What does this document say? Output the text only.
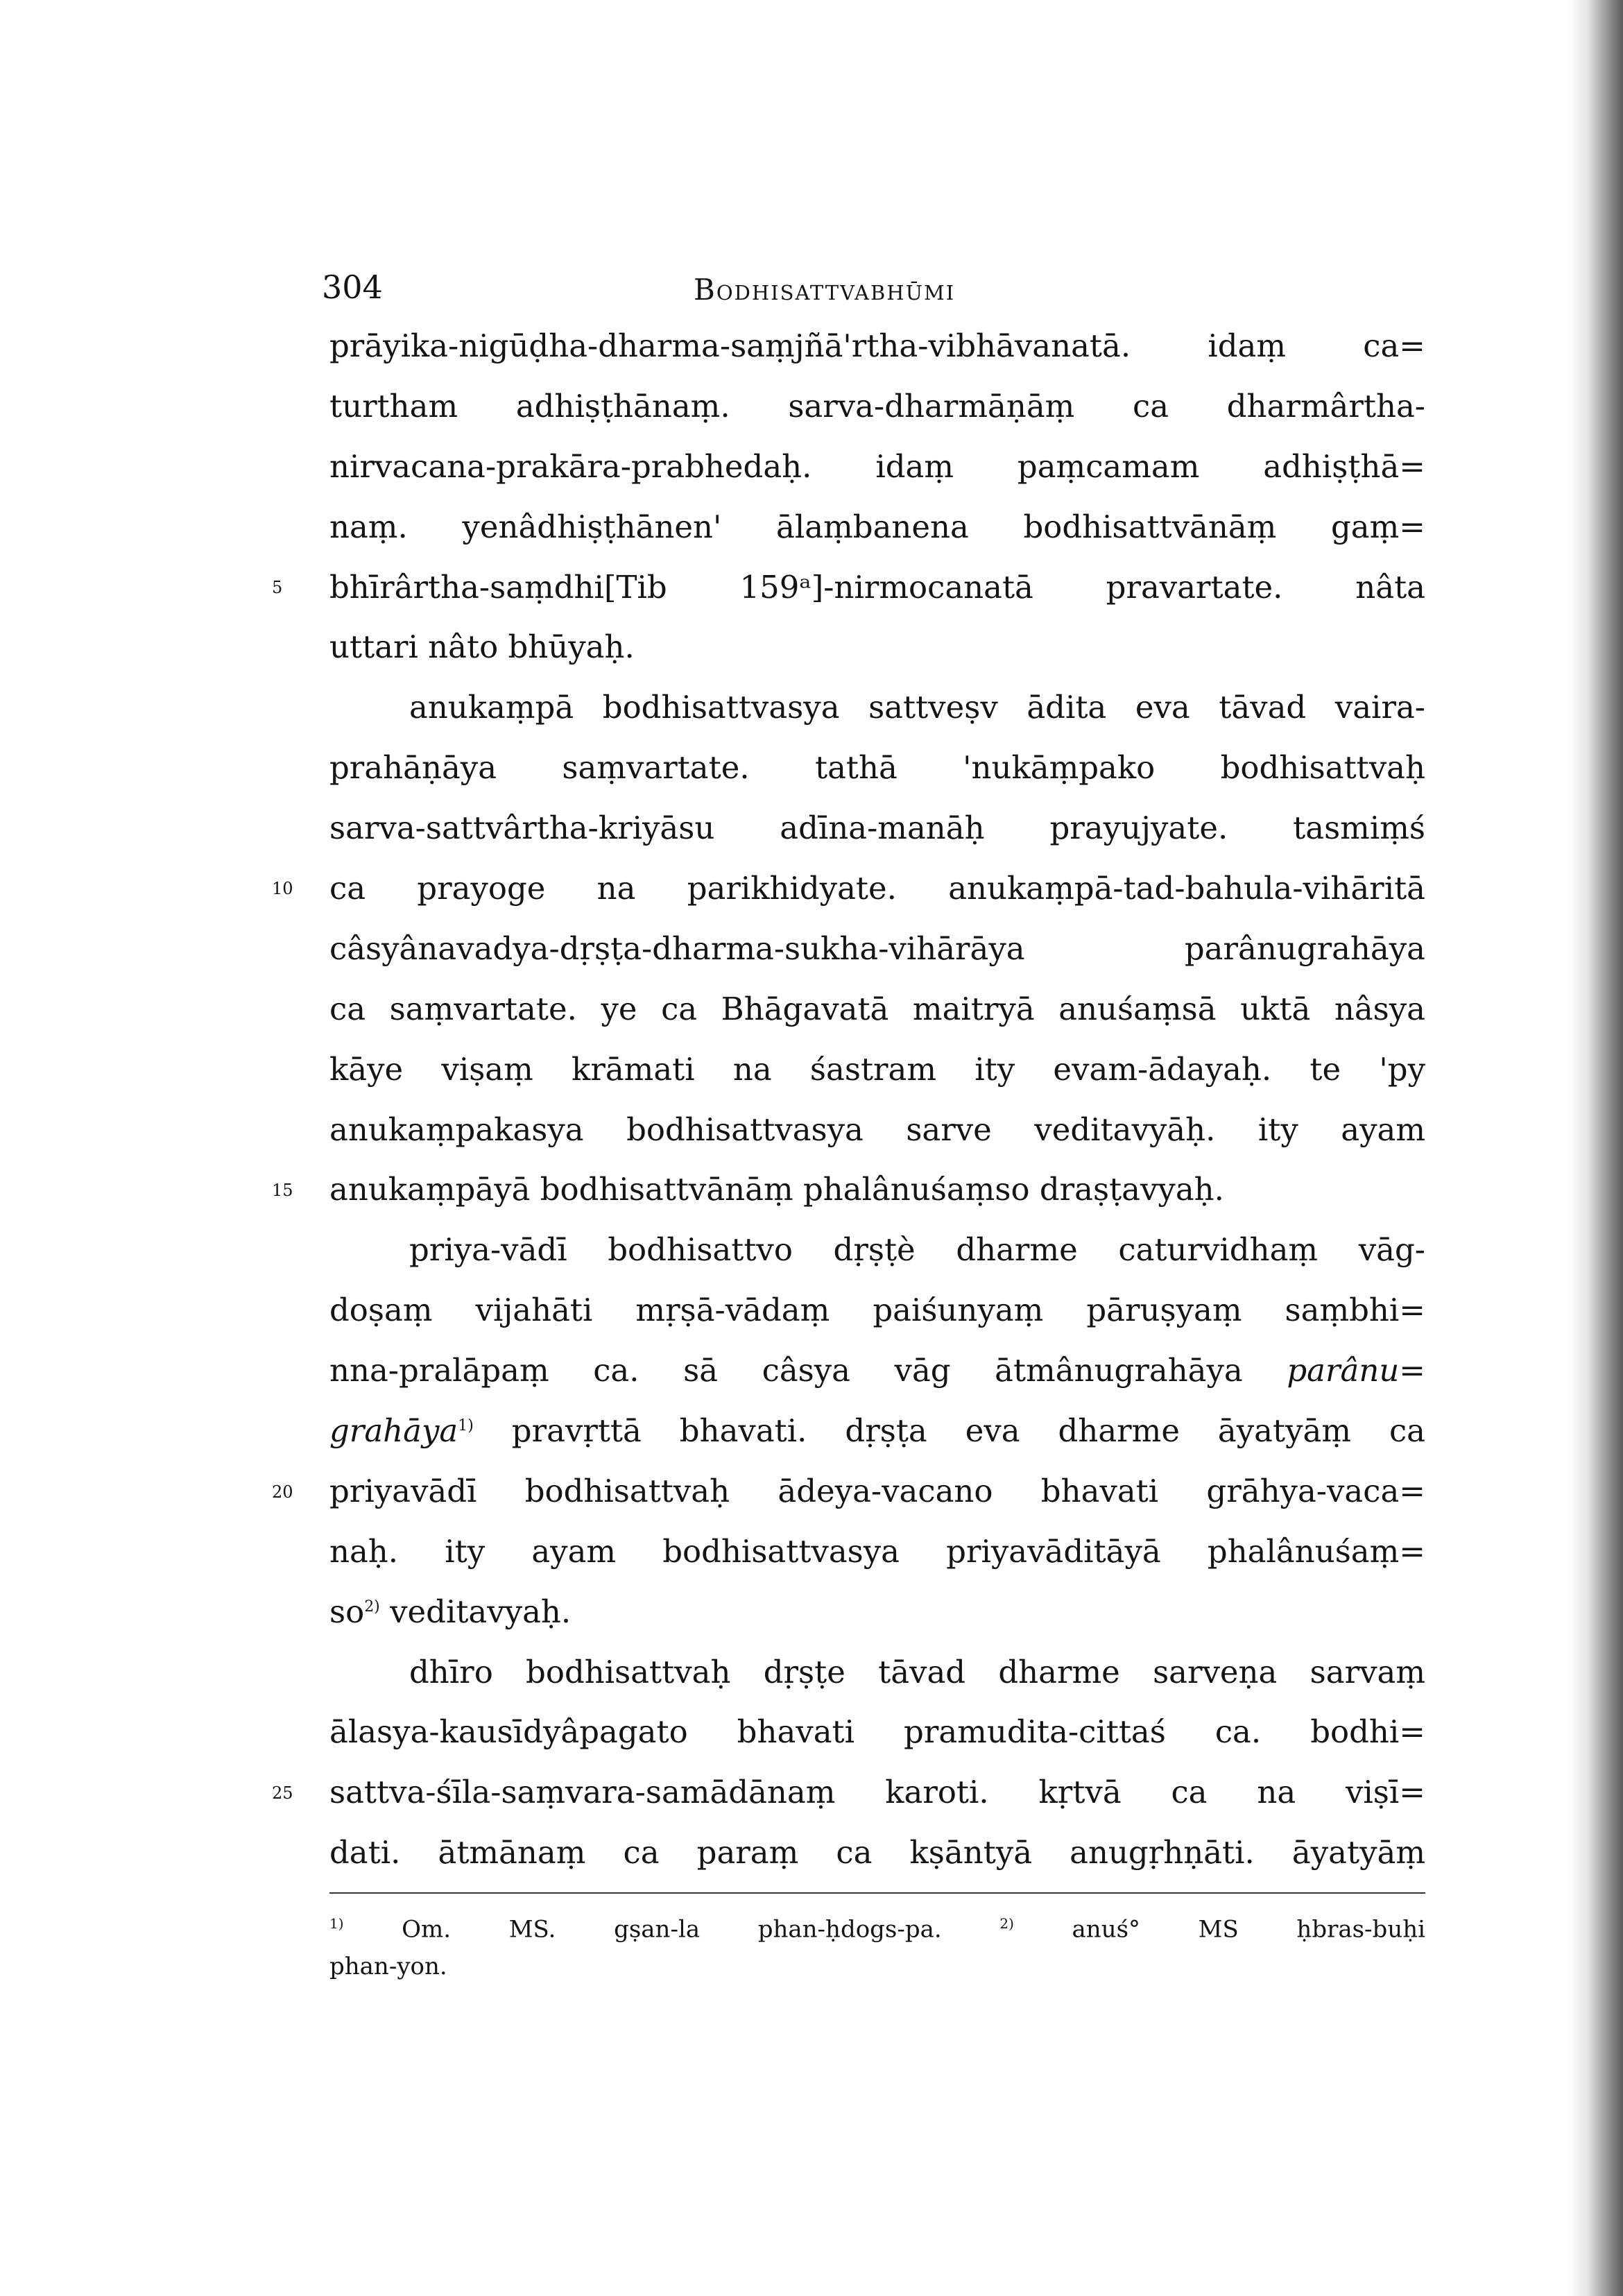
304	Bodhisattvabhūmi
5
10
15
20
25
prāyika-nigūḍha-dharma-saṃjñā'rtha-vibhāvanatā. idaṃ ca=
turtham adhiṣṭhānaṃ. sarva-dharmāṇāṃ ca dharmârtha-
nirvacana-prakāra-prabhedaḥ. idaṃ paṃcamam adhiṣṭhā=
naṃ. yenâdhiṣṭhānen' ālaṃbanena bodhisattvānāṃ gaṃ=
bhīrârtha-saṃdhi[Tib 159ᵃ]-nirmocanatā pravartate. nâta
uttari nâto bhūyaḥ.
anukaṃpā bodhisattvasya sattveṣv ādita eva tāvad vaira-
prahāṇāya saṃvartate. tathā 'nukāṃpako bodhisattvaḥ
sarva-sattvârtha-kriyāsu adīna-manāḥ prayujyate. tasmiṃś
ca prayoge na parikhidyate. anukaṃpā-tad-bahula-vihāritā
câsyânavadya-dṛṣṭa-dharma-sukha-vihārāya parânugrahāya
ca saṃvartate. ye ca Bhāgavatā maitryā anuśaṃsā uktā nâsya
kāye viṣaṃ krāmati na śastram ity evam-ādayaḥ. te 'py
anukaṃpakasya bodhisattvasya sarve veditavyāḥ. ity ayam
anukaṃpāyā bodhisattvānāṃ phalânuśaṃso draṣṭavyaḥ.
priya-vādī bodhisattvo dṛṣṭè dharme caturvidhaṃ vāg-
doṣaṃ vijahāti mṛṣā-vādaṃ paiśunyaṃ pāruṣyaṃ saṃbhi=
nna-pralāpaṃ ca. sā câsya vāg ātmânugrahāya parânu=
grahāya$^{1)}$ pravṛttā bhavati. dṛṣṭa eva dharme āyatyāṃ ca
priyavādī bodhisattvaḥ ādeya-vacano bhavati grāhya-vaca=
naḥ. ity ayam bodhisattvasya priyavāditāyā phalânuśaṃ=
$so^{2)}$ veditavyaḥ.
dhīro bodhisattvaḥ dṛṣṭe tāvad dharme sarveṇa sarvaṃ
ālasya-kausīdyâpagato bhavati pramudita-cittaś ca. bodhi=
sattva-śīla-saṃvara-samādānaṃ karoti. kṛtvā ca na viṣī=
dati. ātmānaṃ ca paraṃ ca kṣāntyā anugṛhṇāti. āyatyāṃ
$^{1)}$ Om. MS. gṣan-la phan-ḥdogs-pa.	$^{2)}$ anuś° MS ḥbras-buḥi
phan-yon.
